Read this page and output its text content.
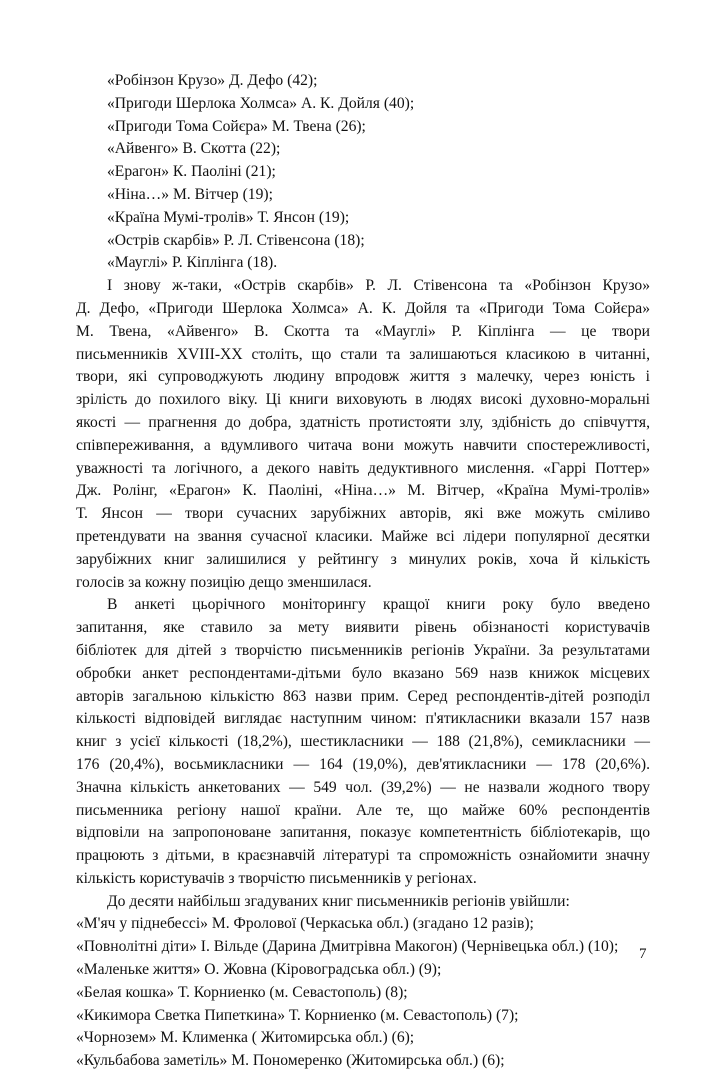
«Робінзон Крузо» Д. Дефо (42);
«Пригоди Шерлока Холмса» А. К. Дойля (40);
«Пригоди Тома Сойєра» М. Твена (26);
«Айвенго» В. Скотта (22);
«Ерагон» К. Паоліні (21);
«Ніна…» М. Вітчер (19);
«Країна Мумі-тролів» Т. Янсон (19);
«Острів скарбів» Р. Л. Стівенсона (18);
«Мауглі» Р. Кіплінга (18).
І знову ж-таки, «Острів скарбів» Р. Л. Стівенсона та «Робінзон Крузо»
Д. Дефо, «Пригоди Шерлока Холмса» А. К. Дойля та «Пригоди Тома Сойєра»
М. Твена, «Айвенго» В. Скотта та «Мауглі» Р. Кіплінга — це твори
письменників XVIII-XX століть, що стали та залишаються класикою в читанні,
твори, які супроводжують людину впродовж життя з малечку, через юність і
зрілість до похилого віку. Ці книги виховують в людях високі духовно-моральні
якості — прагнення до добра, здатність протистояти злу, здібність до співчуття,
співпереживання, а вдумливого читача вони можуть навчити спостережливості,
уважності та логічного, а декого навіть дедуктивного мислення. «Гаррі Поттер»
Дж. Ролінг, «Ерагон» К. Паоліні, «Ніна…» М. Вітчер, «Країна Мумі-тролів»
Т. Янсон — твори сучасних зарубіжних авторів, які вже можуть сміливо
претендувати на звання сучасної класики. Майже всі лідери популярної десятки
зарубіжних книг залишилися у рейтингу з минулих років, хоча й кількість
голосів за кожну позицію дещо зменшилася.
В анкеті цьорічного моніторингу кращої книги року було введено
запитання, яке ставило за мету виявити рівень обізнаності користувачів
бібліотек для дітей з творчістю письменників регіонів України. За результатами
обробки анкет респондентами-дітьми було вказано 569 назв книжок місцевих
авторів загальною кількістю 863 назви прим. Серед респондентів-дітей розподіл
кількості відповідей виглядає наступним чином: п'ятикласники вказали 157 назв
книг з усієї кількості (18,2%), шестикласники — 188 (21,8%), семикласники —
176 (20,4%), восьмикласники — 164 (19,0%), дев'ятикласники — 178 (20,6%).
Значна кількість анкетованих — 549 чол. (39,2%) — не назвали жодного твору
письменника регіону нашої країни. Але те, що майже 60% респондентів
відповіли на запропоноване запитання, показує компетентність бібліотекарів, що
працюють з дітьми, в краєзнавчій літературі та спроможність ознайомити значну
кількість користувачів з творчістю письменників у регіонах.
До десяти найбільш згадуваних книг письменників регіонів увійшли:
«М'яч у піднебессі» М. Фролової (Черкаська обл.) (згадано 12 разів);
«Повнолітні діти» І. Вільде (Дарина Дмитрівна Макогон) (Чернівецька обл.) (10);
«Маленьке життя» О. Жовна (Кіровоградська обл.) (9);
«Белая кошка» Т. Корниенко (м. Севастополь) (8);
«Кикимора Светка Пипеткина» Т. Корниенко (м. Севастополь) (7);
«Чорнозем» М. Клименка ( Житомирська обл.) (6);
«Кульбабова заметіль» М. Пономеренко (Житомирська обл.) (6);
7
